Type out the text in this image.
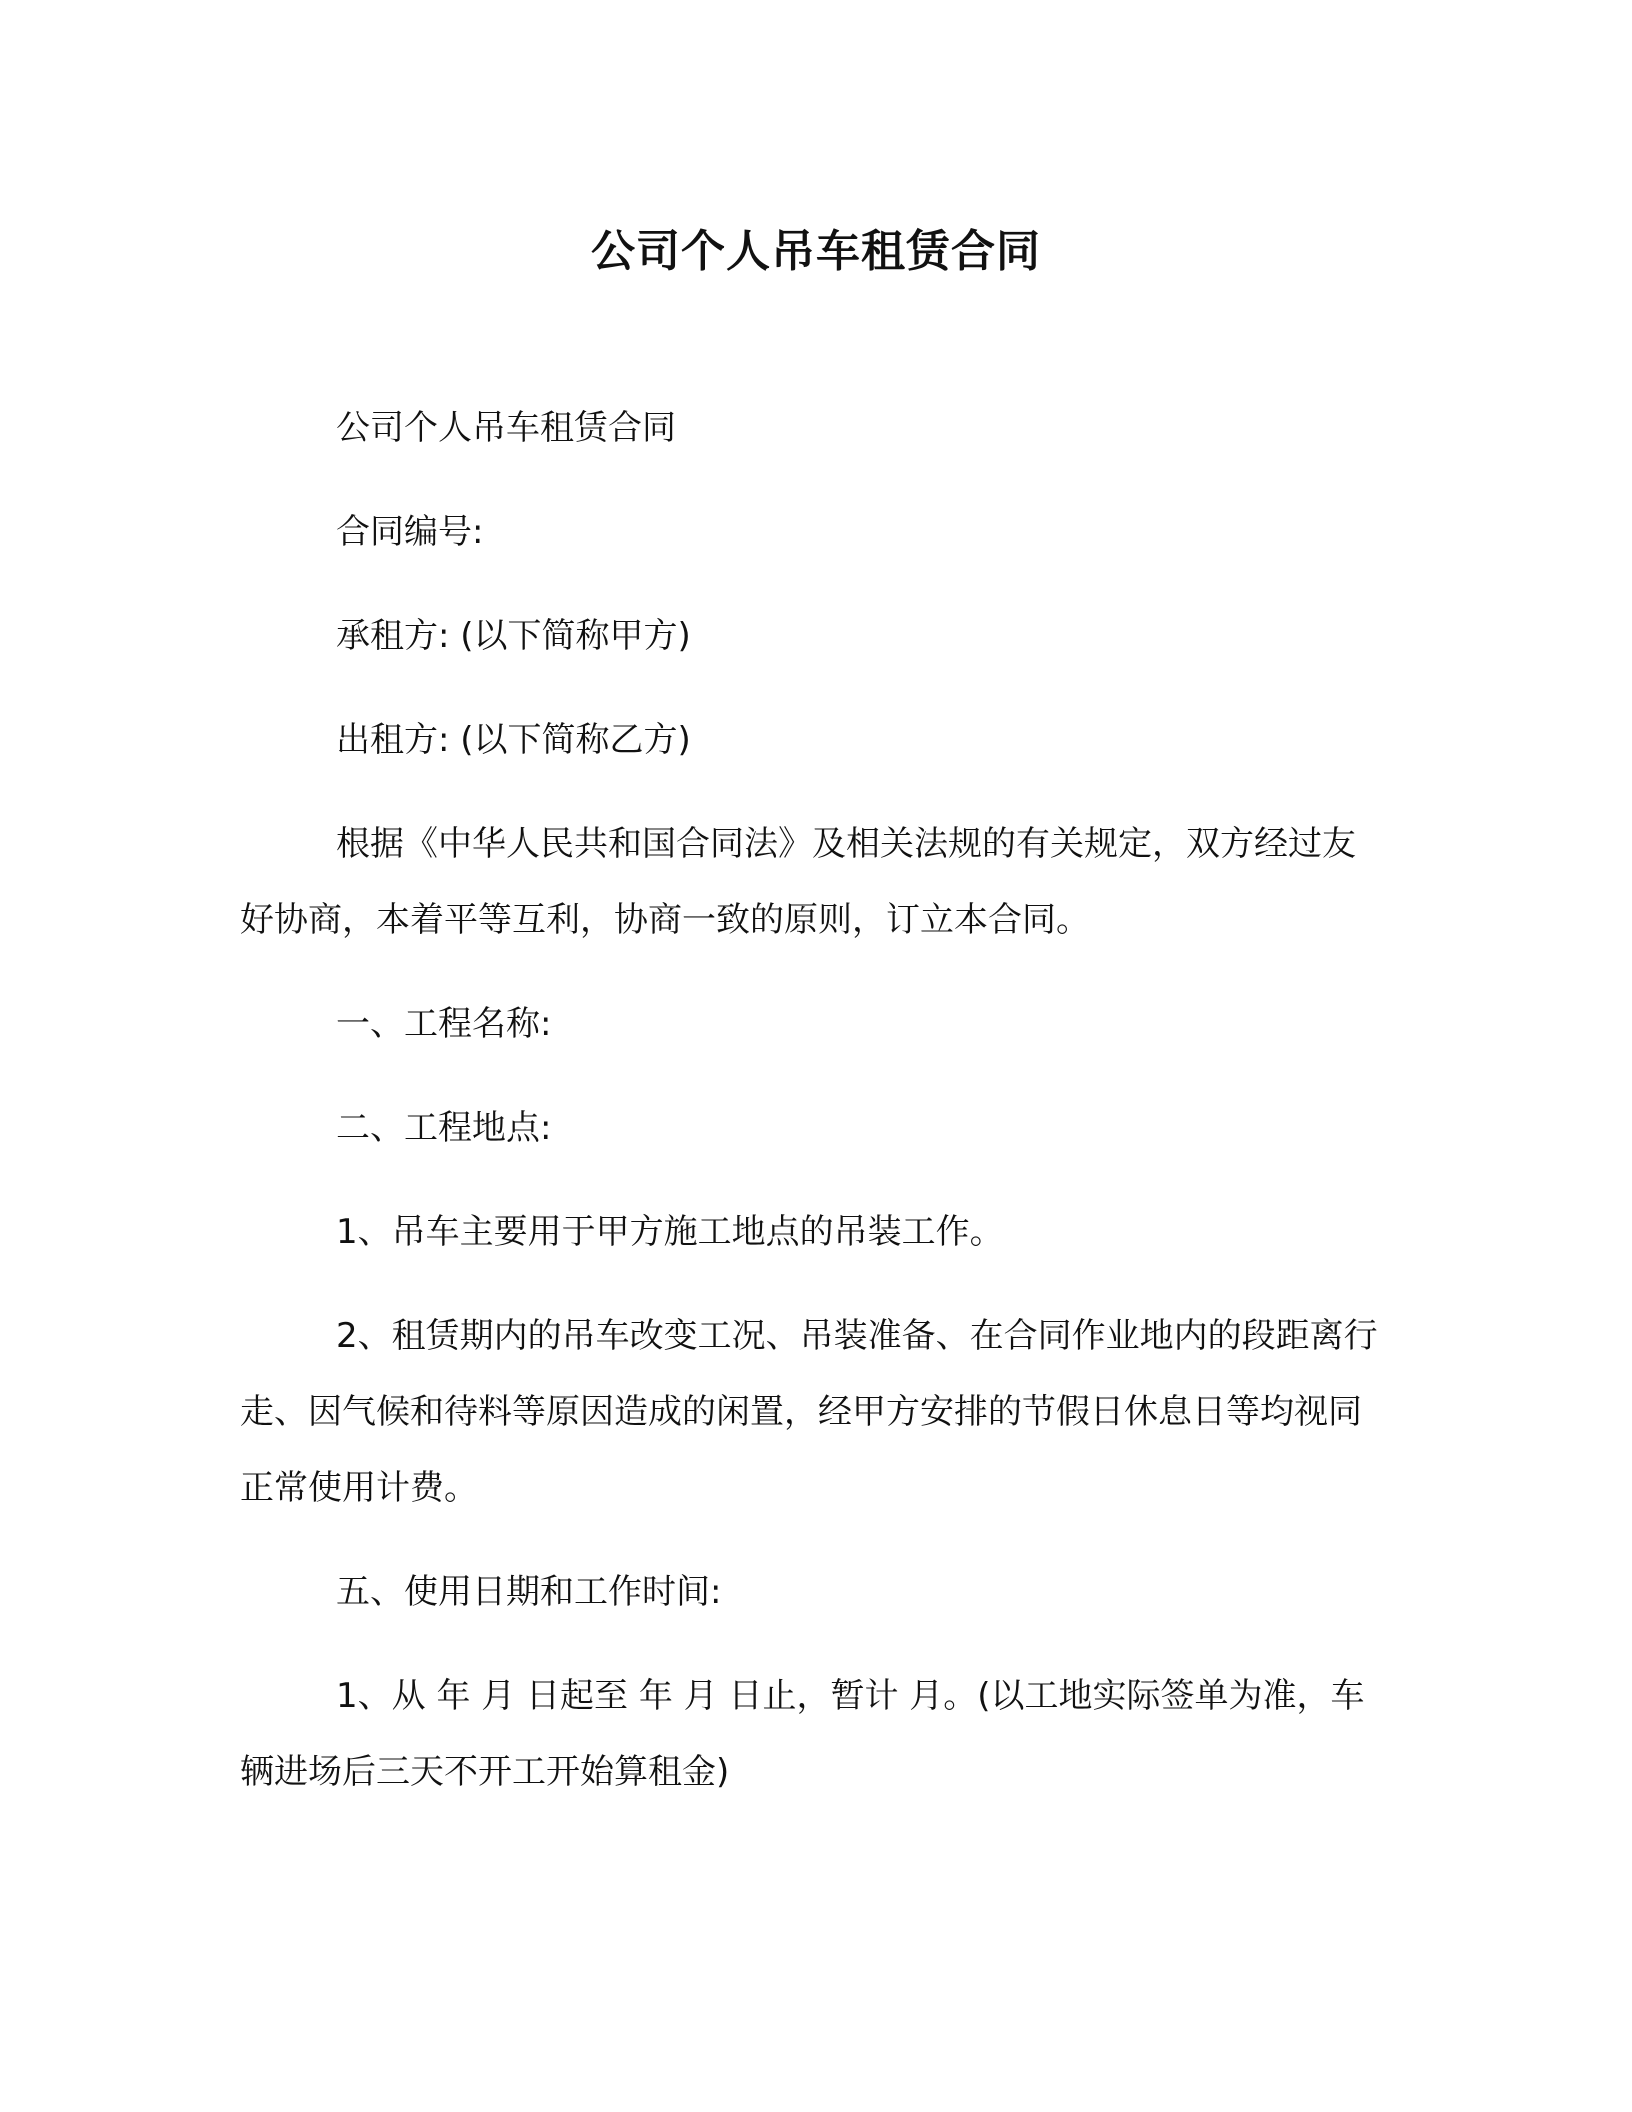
公司个人吊车租赁合同

公司个人吊车租赁合同

合同编号:

承租方: (以下简称甲方)

出租方: (以下简称乙方)

根据《中华人民共和国合同法》及相关法规的有关规定，双方经过友好协商，本着平等互利，协商一致的原则，订立本合同。

一、工程名称:

二、工程地点:

1、吊车主要用于甲方施工地点的吊装工作。

2、租赁期内的吊车改变工况、吊装准备、在合同作业地内的段距离行走、因气候和待料等原因造成的闲置，经甲方安排的节假日休息日等均视同正常使用计费。

五、使用日期和工作时间:

1、从 年 月 日起至 年 月 日止，暂计 月。(以工地实际签单为准，车辆进场后三天不开工开始算租金)
